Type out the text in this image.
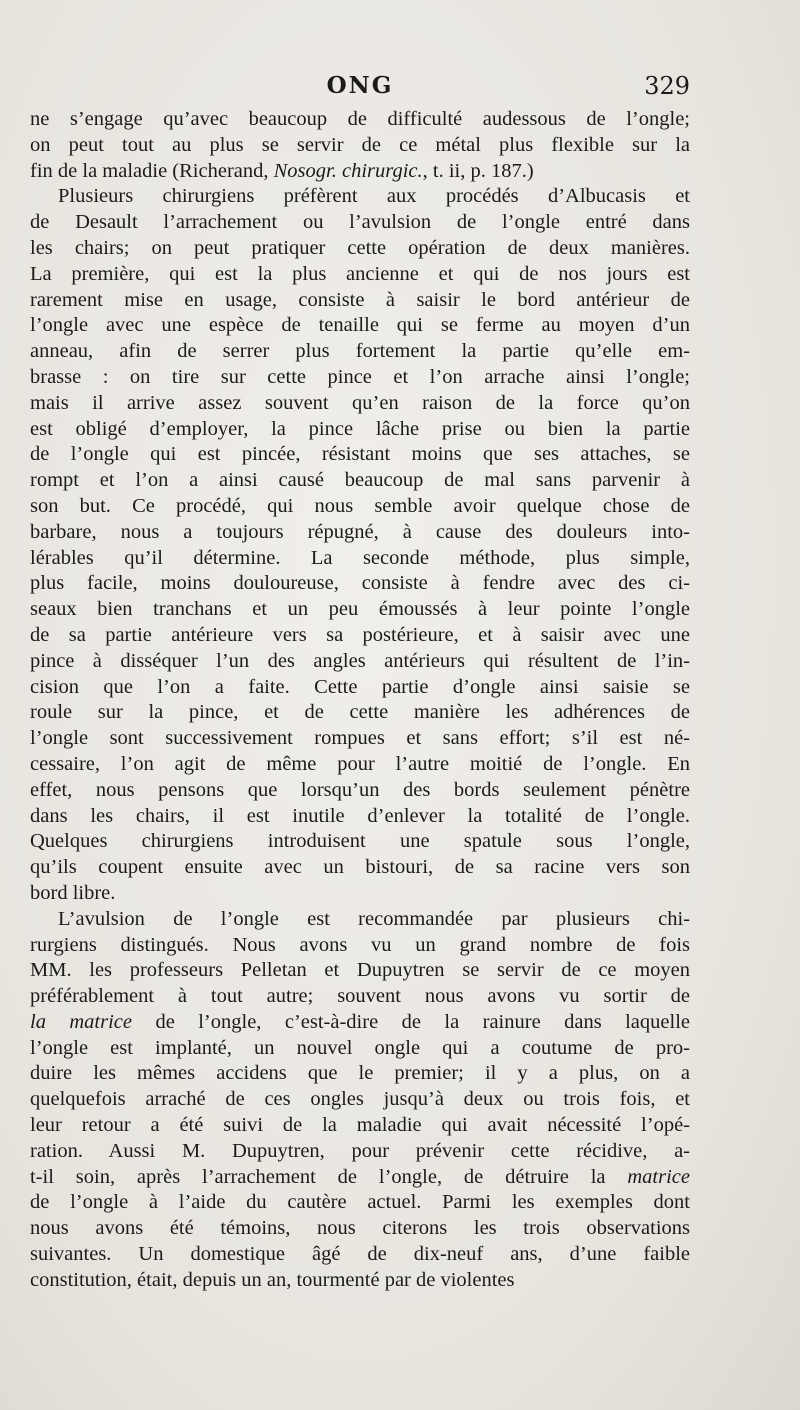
ONG	329
ne s’engage qu’avec beaucoup de difficulté audessous de l’ongle;
on peut tout au plus se servir de ce métal plus flexible sur la
fin de la maladie (Richerand, Nosogr. chirurgic., t. ii, p. 187.)
Plusieurs chirurgiens préfèrent aux procédés d’Albucasis et
de Desault l’arrachement ou l’avulsion de l’ongle entré dans
les chairs; on peut pratiquer cette opération de deux manières.
La première, qui est la plus ancienne et qui de nos jours est
rarement mise en usage, consiste à saisir le bord antérieur de
l’ongle avec une espèce de tenaille qui se ferme au moyen d’un
anneau, afin de serrer plus fortement la partie qu’elle em-
brasse : on tire sur cette pince et l’on arrache ainsi l’ongle;
mais il arrive assez souvent qu’en raison de la force qu’on
est obligé d’employer, la pince lâche prise ou bien la partie
de l’ongle qui est pincée, résistant moins que ses attaches, se
rompt et l’on a ainsi causé beaucoup de mal sans parvenir à
son but. Ce procédé, qui nous semble avoir quelque chose de
barbare, nous a toujours répugné, à cause des douleurs into-
lérables qu’il détermine. La seconde méthode, plus simple,
plus facile, moins douloureuse, consiste à fendre avec des ci-
seaux bien tranchans et un peu émoussés à leur pointe l’ongle
de sa partie antérieure vers sa postérieure, et à saisir avec une
pince à disséquer l’un des angles antérieurs qui résultent de l’in-
cision que l’on a faite. Cette partie d’ongle ainsi saisie se
roule sur la pince, et de cette manière les adhérences de
l’ongle sont successivement rompues et sans effort; s’il est né-
cessaire, l’on agit de même pour l’autre moitié de l’ongle. En
effet, nous pensons que lorsqu’un des bords seulement pénètre
dans les chairs, il est inutile d’enlever la totalité de l’ongle.
Quelques chirurgiens introduisent une spatule sous l’ongle,
qu’ils coupent ensuite avec un bistouri, de sa racine vers son
bord libre.
L’avulsion de l’ongle est recommandée par plusieurs chi-
rurgiens distingués. Nous avons vu un grand nombre de fois
MM. les professeurs Pelletan et Dupuytren se servir de ce moyen
préférablement à tout autre; souvent nous avons vu sortir de
la matrice de l’ongle, c’est-à-dire de la rainure dans laquelle
l’ongle est implanté, un nouvel ongle qui a coutume de pro-
duire les mêmes accidens que le premier; il y a plus, on a
quelquefois arraché de ces ongles jusqu’à deux ou trois fois, et
leur retour a été suivi de la maladie qui avait nécessité l’opé-
ration. Aussi M. Dupuytren, pour prévenir cette récidive, a-
t-il soin, après l’arrachement de l’ongle, de détruire la matrice
de l’ongle à l’aide du cautère actuel. Parmi les exemples dont
nous avons été témoins, nous citerons les trois observations
suivantes. Un domestique âgé de dix-neuf ans, d’une faible
constitution, était, depuis un an, tourmenté par de violentes
